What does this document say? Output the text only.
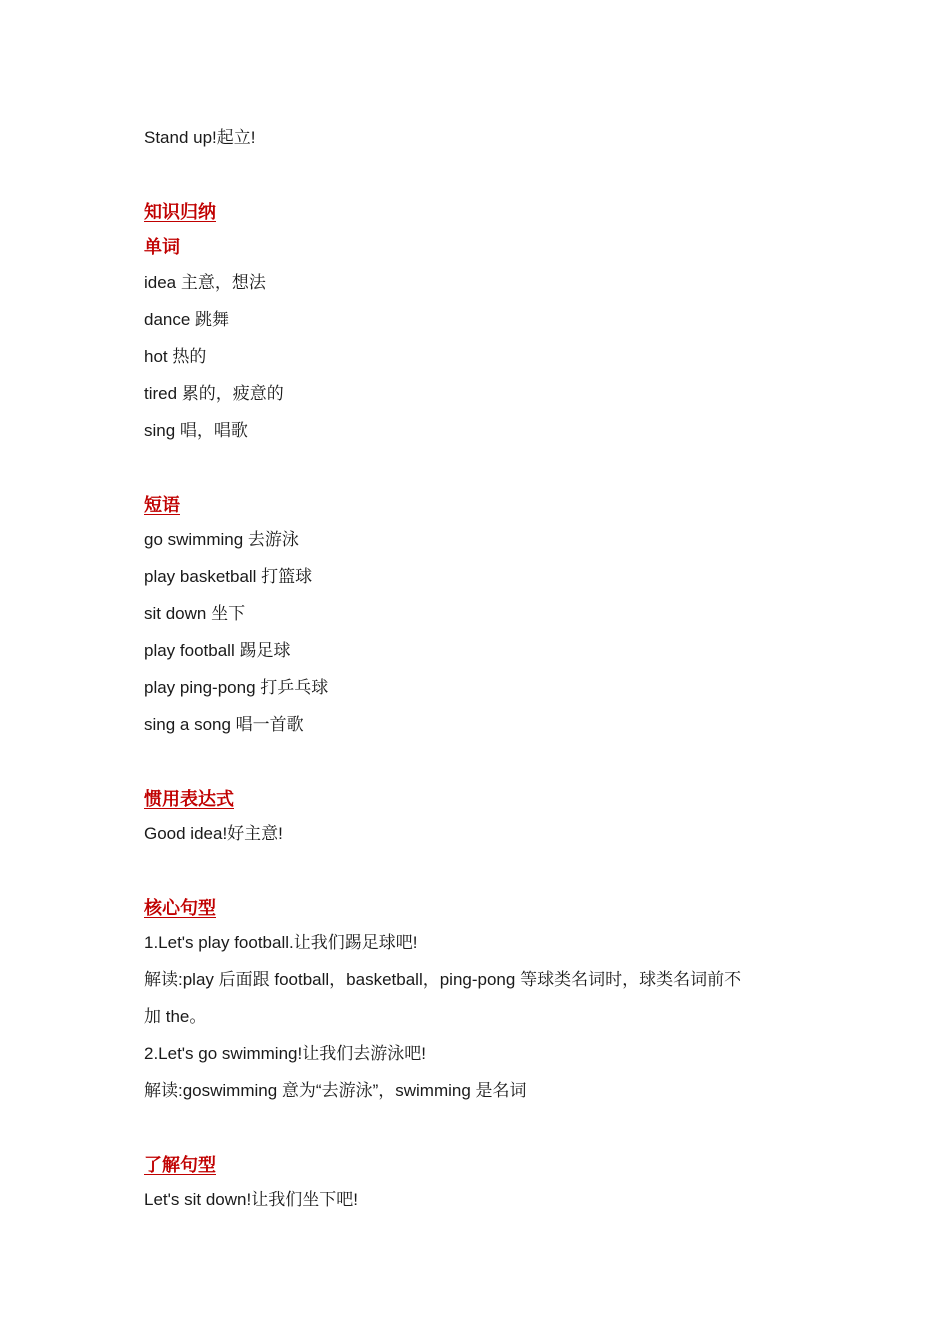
Stand up!起立!
知识归纳
单词
idea 主意，想法
dance 跳舞
hot 热的
tired 累的，疲意的
sing 唱，唱歌
短语
go swimming 去游泳
play basketball 打篮球
sit down 坐下
play football 踢足球
play ping-pong 打乒乓球
sing a song 唱一首歌
惯用表达式
Good idea!好主意!
核心句型
1.Let's play football.让我们踢足球吧!
解读:play 后面跟 football，basketball，ping-pong 等球类名词时，球类名词前不
加 the。
2.Let's go swimming!让我们去游泳吧!
解读:goswimming 意为“去游泳”，swimming 是名词
了解句型
Let's sit down!让我们坐下吧!
